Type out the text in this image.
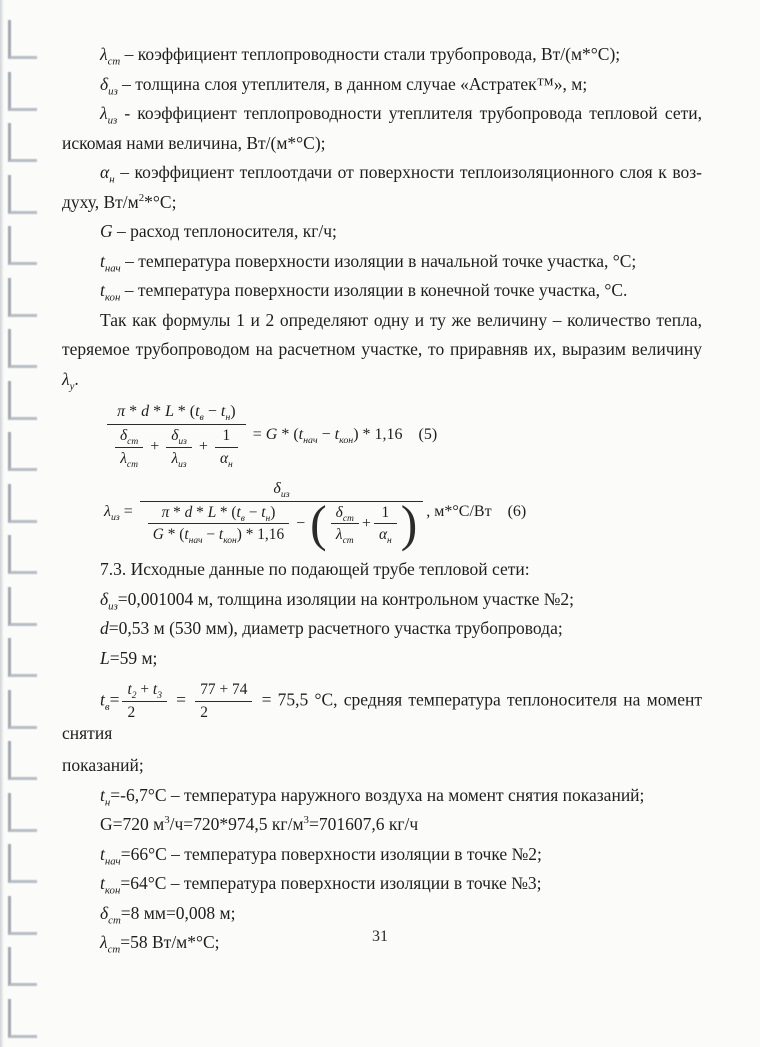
$\lambda_{ст}$ – коэффициент теплопроводности стали трубопровода, Вт/(м*°С);
$\delta_{из}$ – толщина слоя утеплителя, в данном случае «Астратек™», м;
$\lambda_{из}$ - коэффициент теплопроводности утеплителя трубопровода тепловой сети,
искомая нами величина, Вт/(м*°С);
$\alpha_н$ – коэффициент теплоотдачи от поверхности теплоизоляционного слоя к воз-
духу, $Вт/м^2*^\circ С$;
G – расход теплоносителя, кг/ч;
$t_{нач}$ – температура поверхности изоляции в начальной точке участка, °С;
$t_{кон}$ – температура поверхности изоляции в конечной точке участка, °С.
Так как формулы 1 и 2 определяют одну и ту же величину – количество тепла,
теряемое трубопроводом на расчетном участке, то приравняв их, выразим величину
$\lambda_у$.
$\frac{\pi * d * L * (t_в - t_н)}{\frac{\delta_{ст}}{\lambda_{ст}} + \frac{\delta_{из}}{\lambda_{из}} + \frac{1}{\alpha_н}} = G * (t_{нач} - t_{кон}) * 1,16$ (5)
$\lambda_{из}$ =
$\delta_{из}$
$\frac{\pi * d * L * (t_в - t_н)}{G * (t_{нач} - t_{кон}) * 1,16}$ − ( $\frac{\delta_{ст}}{\lambda_{ст}} + \frac{1}{\alpha_н}$ ) , м*°С/Вт (6)
7.3. Исходные данные по подающей трубе тепловой сети:
$\delta_{из}=0,001004$ м, толщина изоляции на контрольном участке №2;
d=0,53 м (530 мм), диаметр расчетного участка трубопровода;
L=59 м;
$t_в= \frac{t_2 + t_3}{2} = \frac{77 + 74}{2} = 75,5$ °С, средняя температура теплоносителя на момент снятия
показаний;
$t_н=-6,7^\circ С$ – температура наружного воздуха на момент снятия показаний;
G=720 $м^3/ч=720*974,5$ $кг/м^3=701607,6$ кг/ч
$t_{нач}=66^\circ С$ – температура поверхности изоляции в точке №2;
$t_{кон}=64^\circ С$ – температура поверхности изоляции в точке №3;
$\delta_{ст}=8$ мм=0,008 м;
$\lambda_{ст}=58$ Вт/м*°С;	31
